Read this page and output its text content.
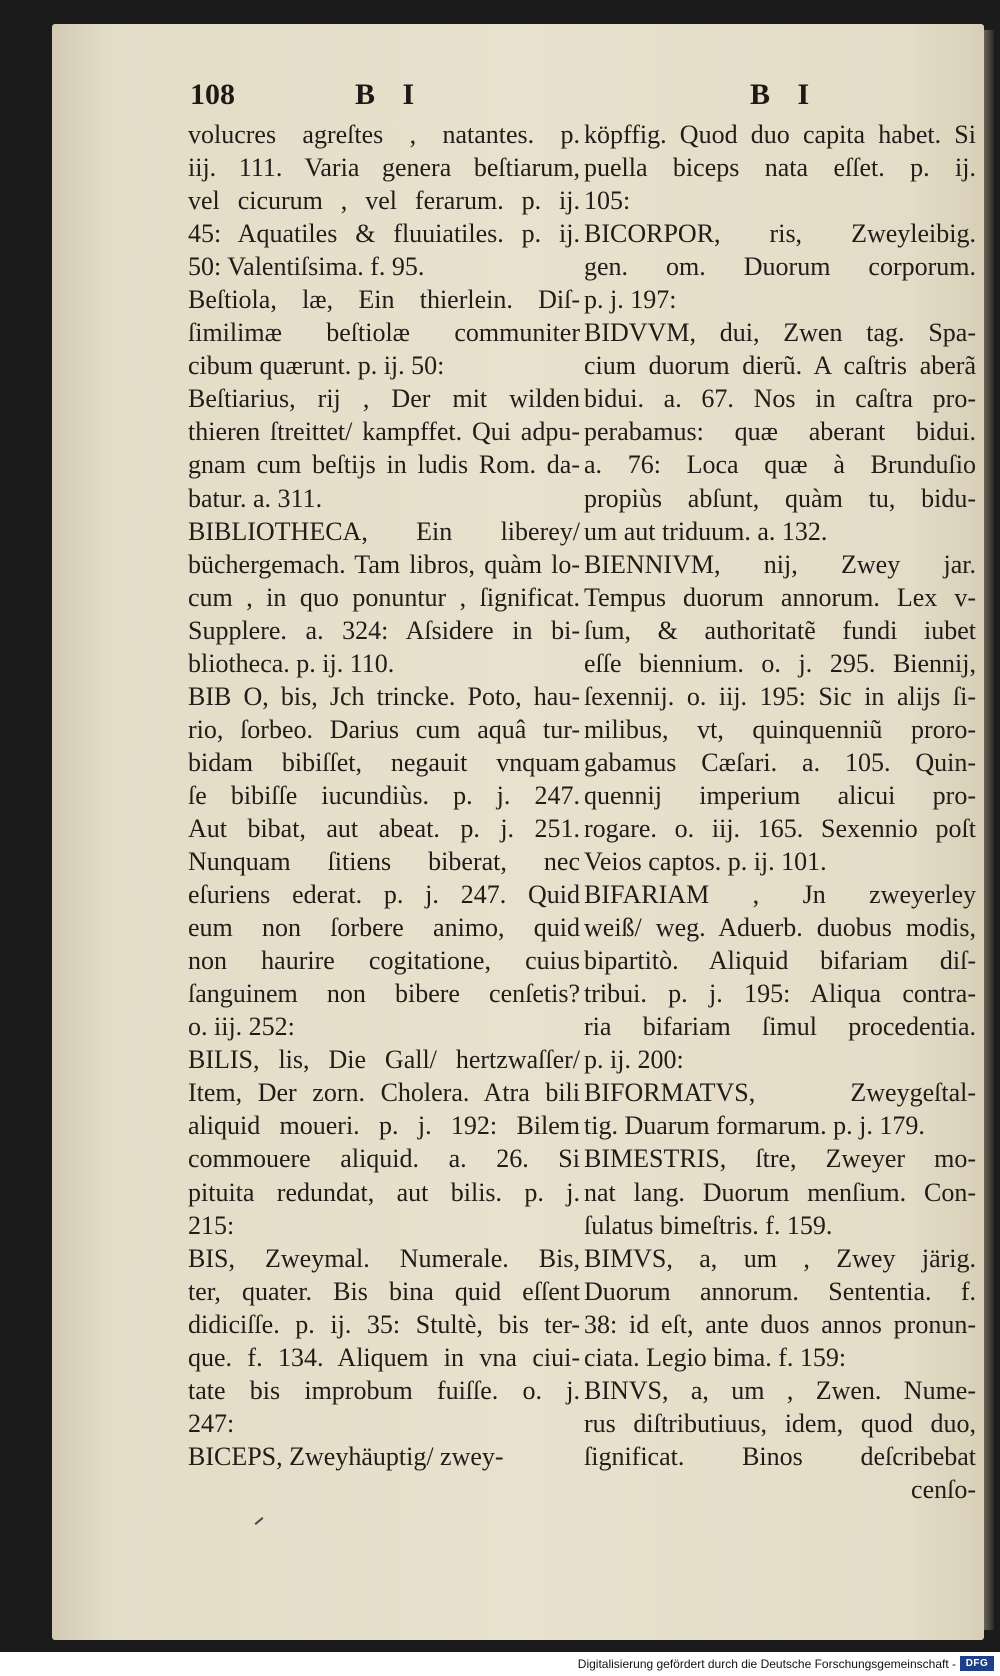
108	B I	B I
volucres agreſtes , natantes. p.
iij. 111. Varia genera beſtiarum,
vel cicurum , vel ferarum. p. ij.
45: Aquatiles & fluuiatiles. p. ij.
50: Valentiſsima. f. 95.
Beſtiola, læ, Ein thierlein. Diſ-
ſimilimæ beſtiolæ communiter
cibum quærunt. p. ij. 50:
Beſtiarius, rij , Der mit wilden
thieren ſtreittet/ kampffet. Qui adpu-
gnam cum beſtijs in ludis Rom. da-
batur. a. 311.
BIBLIOTHECA, Ein liberey/
büchergemach. Tam libros, quàm lo-
cum , in quo ponuntur , ſignificat.
Supplere. a. 324: Aſsidere in bi-
bliotheca. p. ij. 110.
BIB O, bis, Jch trincke. Poto, hau-
rio, ſorbeo. Darius cum aquâ tur-
bidam bibiſſet, negauit vnquam
ſe bibiſſe iucundiùs. p. j. 247.
Aut bibat, aut abeat. p. j. 251.
Nunquam ſitiens biberat, nec
eſuriens ederat. p. j. 247. Quid
eum non ſorbere animo, quid
non haurire cogitatione, cuius
ſanguinem non bibere cenſetis?
o. iij. 252:
BILIS, lis, Die Gall/ hertzwaſſer/
Item, Der zorn. Cholera. Atra bili
aliquid moueri. p. j. 192: Bilem
commouere aliquid. a. 26. Si
pituita redundat, aut bilis. p. j.
215:
BIS, Zweymal. Numerale. Bis,
ter, quater. Bis bina quid eſſent
didiciſſe. p. ij. 35: Stultè, bis ter-
que. f. 134. Aliquem in vna ciui-
tate bis improbum fuiſſe. o. j.
247:
BICEPS, Zweyhäuptig/ zwey-
köpffig. Quod duo capita habet. Si
puella biceps nata eſſet. p. ij.
105:
BICORPOR, ris, Zweyleibig.
gen. om. Duorum corporum.
p. j. 197:
BIDVVM, dui, Zwen tag. Spa-
cium duorum dierũ. A caſtris aberã
bidui. a. 67. Nos in caſtra pro-
perabamus: quæ aberant bidui.
a. 76: Loca quæ à Brunduſio
propiùs abſunt, quàm tu, bidu-
um aut triduum. a. 132.
BIENNIVM, nij, Zwey jar.
Tempus duorum annorum. Lex v-
ſum, & authoritatẽ fundi iubet
eſſe biennium. o. j. 295. Biennij,
ſexennij. o. iij. 195: Sic in alijs ſi-
milibus, vt, quinquenniũ proro-
gabamus Cæſari. a. 105. Quin-
quennij imperium alicui pro-
rogare. o. iij. 165. Sexennio poſt
Veios captos. p. ij. 101.
BIFARIAM , Jn zweyerley
weiß/ weg. Aduerb. duobus modis,
bipartitò. Aliquid bifariam diſ-
tribui. p. j. 195: Aliqua contra-
ria bifariam ſimul procedentia.
p. ij. 200:
BIFORMATVS, Zweygeſtal-
tig. Duarum formarum. p. j. 179.
BIMESTRIS, ſtre, Zweyer mo-
nat lang. Duorum menſium. Con-
ſulatus bimeſtris. f. 159.
BIMVS, a, um , Zwey järig.
Duorum annorum. Sententia. f.
38: id eſt, ante duos annos pronun-
ciata. Legio bima. f. 159:
BINVS, a, um , Zwen. Nume-
rus diſtributiuus, idem, quod duo,
ſignificat. Binos deſcribebat
cenſo-
Digitalisierung gefördert durch die Deutsche Forschungsgemeinschaft - DFG
